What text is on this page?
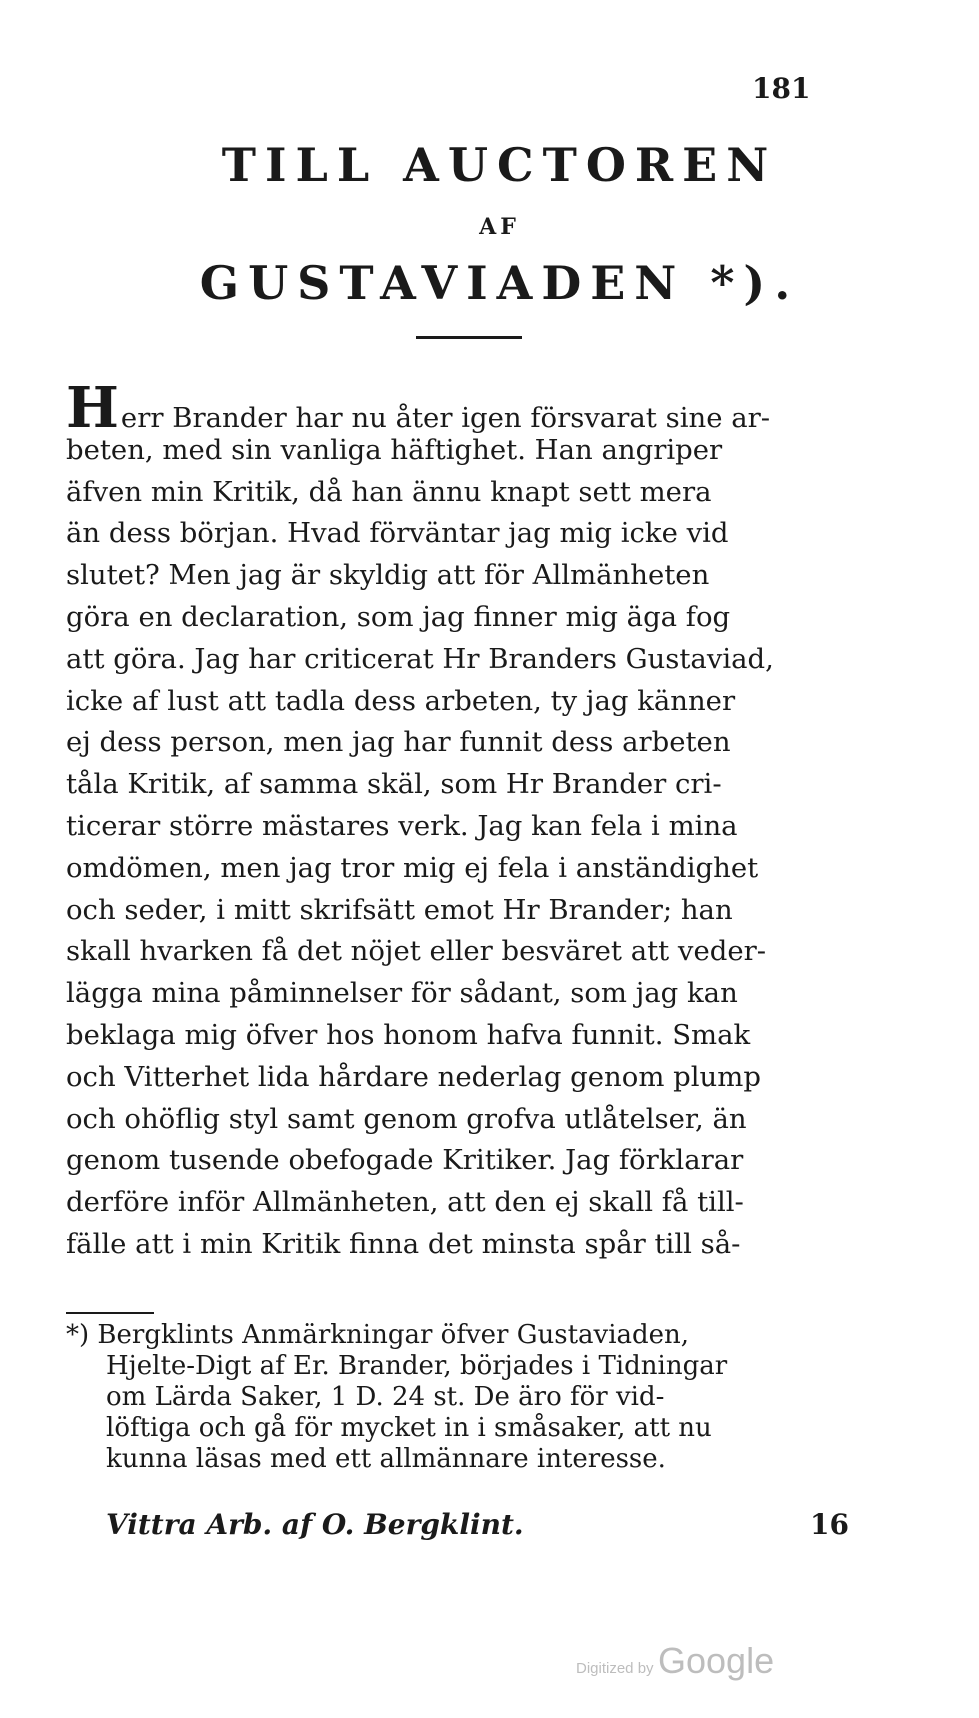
181
TILL AUCTOREN
AF
GUSTAVIADEN *).
Herr Brander har nu åter igen försvarat sine ar-
beten, med sin vanliga häftighet. Han angriper
äfven min Kritik, då han ännu knapt sett mera
än dess början. Hvad förväntar jag mig icke vid
slutet? Men jag är skyldig att för Allmänheten
göra en declaration, som jag finner mig äga fog
att göra. Jag har criticerat Hr Branders Gustaviad,
icke af lust att tadla dess arbeten, ty jag känner
ej dess person, men jag har funnit dess arbeten
tåla Kritik, af samma skäl, som Hr Brander cri-
ticerar större mästares verk. Jag kan fela i mina
omdömen, men jag tror mig ej fela i anständighet
och seder, i mitt skrifsätt emot Hr Brander; han
skall hvarken få det nöjet eller besväret att veder-
lägga mina påminnelser för sådant, som jag kan
beklaga mig öfver hos honom hafva funnit. Smak
och Vitterhet lida hårdare nederlag genom plump
och ohöflig styl samt genom grofva utlåtelser, än
genom tusende obefogade Kritiker. Jag förklarar
derföre inför Allmänheten, att den ej skall få till-
fälle att i min Kritik finna det minsta spår till så-
*) Bergklints Anmärkningar öfver Gustaviaden,
Hjelte-Digt af Er. Brander, börjades i Tidningar
om Lärda Saker, 1 D. 24 st. De äro för vid-
löftiga och gå för mycket in i småsaker, att nu
kunna läsas med ett allmännare interesse.
Vittra Arb. af O. Bergklint.	16
Digitized by Google
